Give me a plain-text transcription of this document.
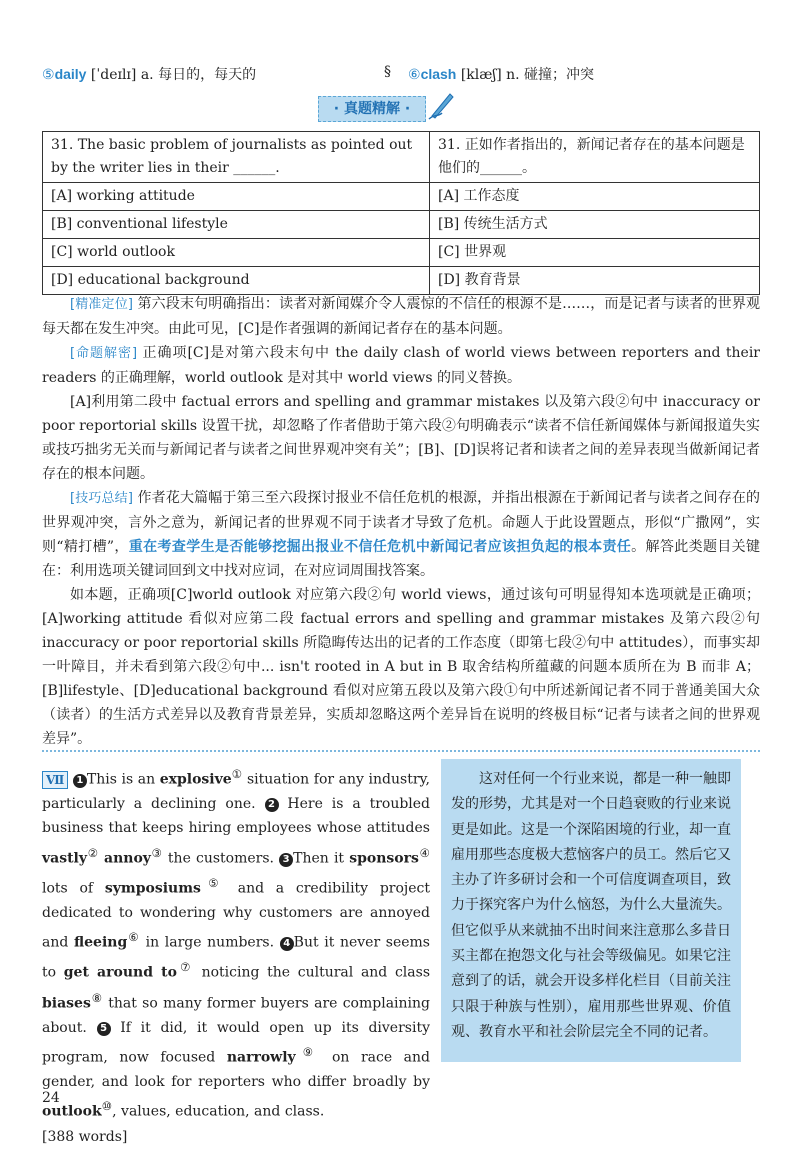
⑤daily [ˈdeɪlɪ] a. 每日的，每天的	§ ⑥clash [klæʃ] n. 碰撞；冲突
· 真题精解 ·
31. The basic problem of journalists as pointed out by the writer lies in their ______.	31. 正如作者指出的，新闻记者存在的基本问题是他们的______。
[A] working attitude	[A] 工作态度
[B] conventional lifestyle	[B] 传统生活方式
[C] world outlook	[C] 世界观
[D] educational background	[D] 教育背景

[精准定位] 第六段末句明确指出：读者对新闻媒介令人震惊的不信任的根源不是……，而是记者与读者的世界观每天都在发生冲突。由此可见，[C]是作者强调的新闻记者存在的基本问题。

[命题解密] 正确项[C]是对第六段末句中 the daily clash of world views between reporters and their readers 的正确理解，world outlook 是对其中 world views 的同义替换。

[A]利用第二段中 factual errors and spelling and grammar mistakes 以及第六段②句中 inaccuracy or poor reportorial skills 设置干扰，却忽略了作者借助于第六段②句明确表示“读者不信任新闻媒体与新闻报道失实或技巧拙劣无关而与新闻记者与读者之间世界观冲突有关”；[B]、[D]误将记者和读者之间的差异表现当做新闻记者存在的根本问题。

[技巧总结] 作者花大篇幅于第三至六段探讨报业不信任危机的根源，并指出根源在于新闻记者与读者之间存在的世界观冲突，言外之意为，新闻记者的世界观不同于读者才导致了危机。命题人于此设置题点，形似“广撒网”，实则“精打槽”，重在考查学生是否能够挖掘出报业不信任危机中新闻记者应该担负起的根本责任。解答此类题目关键在：利用选项关键词回到文中找对应词，在对应词周围找答案。

如本题，正确项[C]world outlook 对应第六段②句 world views，通过该句可明显得知本选项就是正确项；[A]working attitude 看似对应第二段 factual errors and spelling and grammar mistakes 及第六段②句 inaccuracy or poor reportorial skills 所隐晦传达出的记者的工作态度（即第七段②句中 attitudes），而事实却一叶障目，并未看到第六段②句中... isn't rooted in A but in B 取舍结构所蕴藏的问题本质所在为 B 而非 A；[B]lifestyle、[D]educational background 看似对应第五段以及第六段①句中所述新闻记者不同于普通美国大众（读者）的生活方式差异以及教育背景差异，实质却忽略这两个差异旨在说明的终极目标“记者与读者之间的世界观差异”。

Ⅶ 1 This is an explosive① situation for any industry, particularly a declining one. 2 Here is a troubled business that keeps hiring employees whose attitudes vastly② annoy③ the customers. 3 Then it sponsors④ lots of symposiums⑤ and a credibility project dedicated to wondering why customers are annoyed and fleeing⑥ in large numbers. 4 But it never seems to get around to⑦ noticing the cultural and class biases⑧ that so many former buyers are complaining about. 5 If it did, it would open up its diversity program, now focused narrowly⑨ on race and gender, and look for reporters who differ broadly by outlook⑩, values, education, and class.
[388 words]

这对任何一个行业来说，都是一种一触即发的形势，尤其是对一个日趋衰败的行业来说更是如此。这是一个深陷困境的行业，却一直雇用那些态度极大惹恼客户的员工。然后它又主办了许多研讨会和一个可信度调查项目，致力于探究客户为什么恼怒，为什么大量流失。但它似乎从来就抽不出时间来注意那么多昔日买主都在抱怨文化与社会等级偏见。如果它注意到了的话，就会开设多样化栏目（目前关注只限于种族与性别），雇用那些世界观、价值观、教育水平和社会阶层完全不同的记者。

24
